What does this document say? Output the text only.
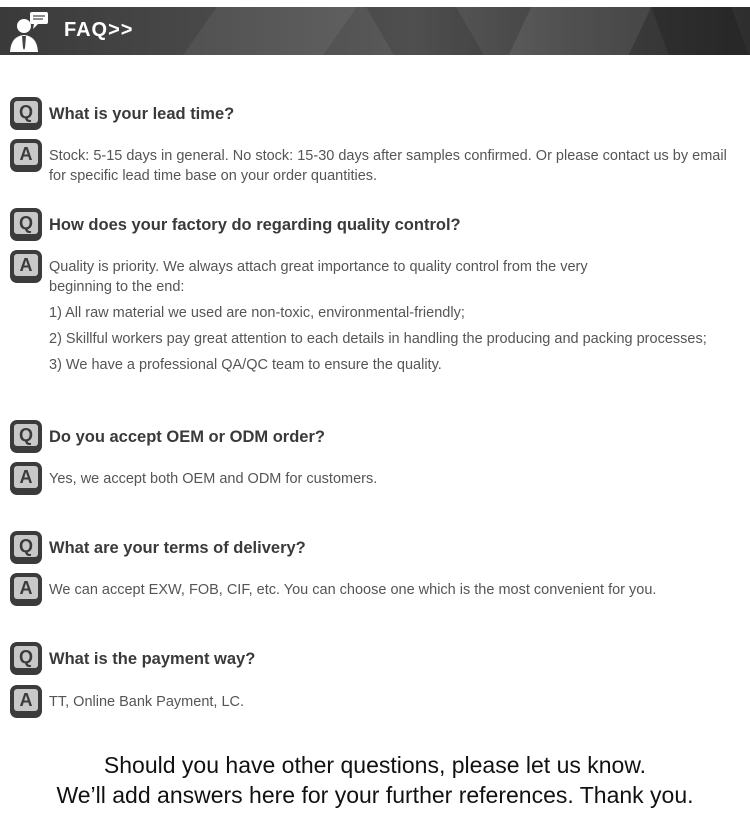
FAQ>>
Q What is your lead time?
A	Stock: 5-15 days in general. No stock: 15-30 days after samples confirmed. Or please contact us by email for specific lead time base on your order quantities.
Q How does your factory do regarding quality control?
A	Quality is priority. We always attach great importance to quality control from the very

beginning to the end:

1) All raw material we used are non-toxic, environmental-friendly;

2) Skillful workers pay great attention to each details in handling the producing and packing processes;

3) We have a professional QA/QC team to ensure the quality.

Q Do you accept OEM or ODM order?
A	Yes, we accept both OEM and ODM for customers.
Q What are your terms of delivery?
A	We can accept EXW, FOB, CIF, etc. You can choose one which is the most convenient for you.
Q What is the payment way?
A	TT, Online Bank Payment, LC.
Should you have other questions, please let us know.
We’ll add answers here for your further references. Thank you.
